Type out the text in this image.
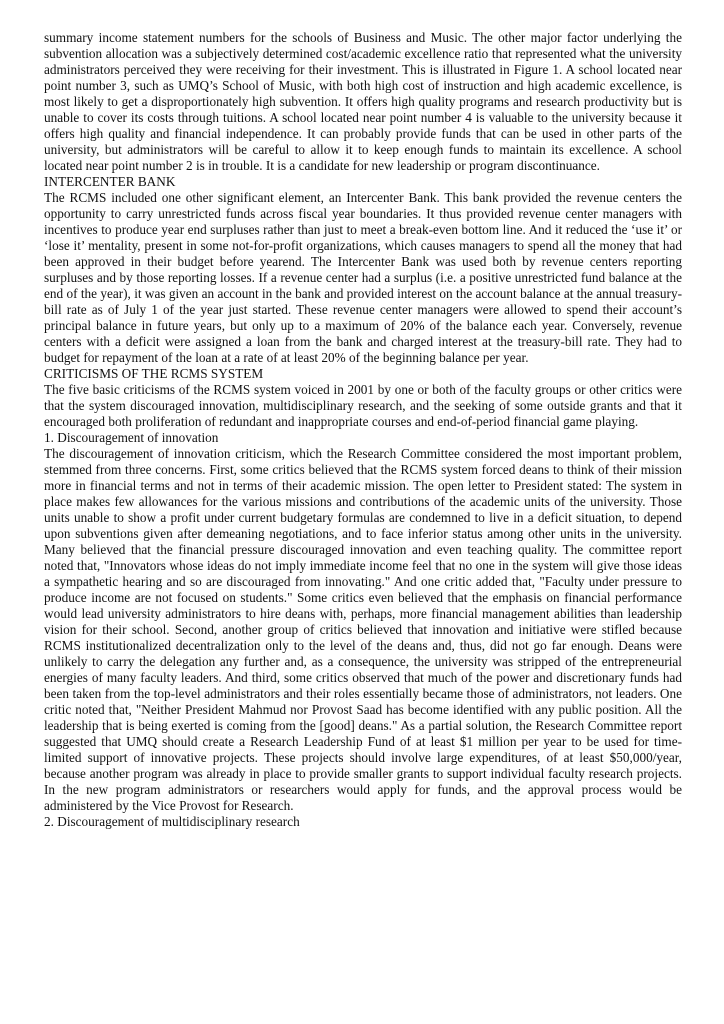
summary income statement numbers for the schools of Business and Music. The other major factor underlying the subvention allocation was a subjectively determined cost/academic excellence ratio that represented what the university administrators perceived they were receiving for their investment. This is illustrated in Figure 1. A school located near point number 3, such as UMQ’s School of Music, with both high cost of instruction and high academic excellence, is most likely to get a disproportionately high subvention. It offers high quality programs and research productivity but is unable to cover its costs through tuitions. A school located near point number 4 is valuable to the university because it offers high quality and financial independence. It can probably provide funds that can be used in other parts of the university, but administrators will be careful to allow it to keep enough funds to maintain its excellence. A school located near point number 2 is in trouble. It is a candidate for new leadership or program discontinuance.

INTERCENTER BANK

The RCMS included one other significant element, an Intercenter Bank. This bank provided the revenue centers the opportunity to carry unrestricted funds across fiscal year boundaries. It thus provided revenue center managers with incentives to produce year end surpluses rather than just to meet a break-even bottom line. And it reduced the ‘use it’ or ‘lose it’ mentality, present in some not-for-profit organizations, which causes managers to spend all the money that had been approved in their budget before yearend. The Intercenter Bank was used both by revenue centers reporting surpluses and by those reporting losses. If a revenue center had a surplus (i.e. a positive unrestricted fund balance at the end of the year), it was given an account in the bank and provided interest on the account balance at the annual treasury-bill rate as of July 1 of the year just started. These revenue center managers were allowed to spend their account’s principal balance in future years, but only up to a maximum of 20% of the balance each year. Conversely, revenue centers with a deficit were assigned a loan from the bank and charged interest at the treasury-bill rate. They had to budget for repayment of the loan at a rate of at least 20% of the beginning balance per year.

CRITICISMS OF THE RCMS SYSTEM

The five basic criticisms of the RCMS system voiced in 2001 by one or both of the faculty groups or other critics were that the system discouraged innovation, multidisciplinary research, and the seeking of some outside grants and that it encouraged both proliferation of redundant and inappropriate courses and end-of-period financial game playing.

1. Discouragement of innovation

The discouragement of innovation criticism, which the Research Committee considered the most important problem, stemmed from three concerns. First, some critics believed that the RCMS system forced deans to think of their mission more in financial terms and not in terms of their academic mission. The open letter to President stated: The system in place makes few allowances for the various missions and contributions of the academic units of the university. Those units unable to show a profit under current budgetary formulas are condemned to live in a deficit situation, to depend upon subventions given after demeaning negotiations, and to face inferior status among other units in the university. Many believed that the financial pressure discouraged innovation and even teaching quality. The committee report noted that, "Innovators whose ideas do not imply immediate income feel that no one in the system will give those ideas a sympathetic hearing and so are discouraged from innovating." And one critic added that, "Faculty under pressure to produce income are not focused on students." Some critics even believed that the emphasis on financial performance would lead university administrators to hire deans with, perhaps, more financial management abilities than leadership vision for their school. Second, another group of critics believed that innovation and initiative were stifled because RCMS institutionalized decentralization only to the level of the deans and, thus, did not go far enough. Deans were unlikely to carry the delegation any further and, as a consequence, the university was stripped of the entrepreneurial energies of many faculty leaders. And third, some critics observed that much of the power and discretionary funds had been taken from the top-level administrators and their roles essentially became those of administrators, not leaders. One critic noted that, "Neither President Mahmud nor Provost Saad has become identified with any public position. All the leadership that is being exerted is coming from the [good] deans." As a partial solution, the Research Committee report suggested that UMQ should create a Research Leadership Fund of at least $1 million per year to be used for time-limited support of innovative projects. These projects should involve large expenditures, of at least $50,000/year, because another program was already in place to provide smaller grants to support individual faculty research projects. In the new program administrators or researchers would apply for funds, and the approval process would be administered by the Vice Provost for Research.

2. Discouragement of multidisciplinary research
